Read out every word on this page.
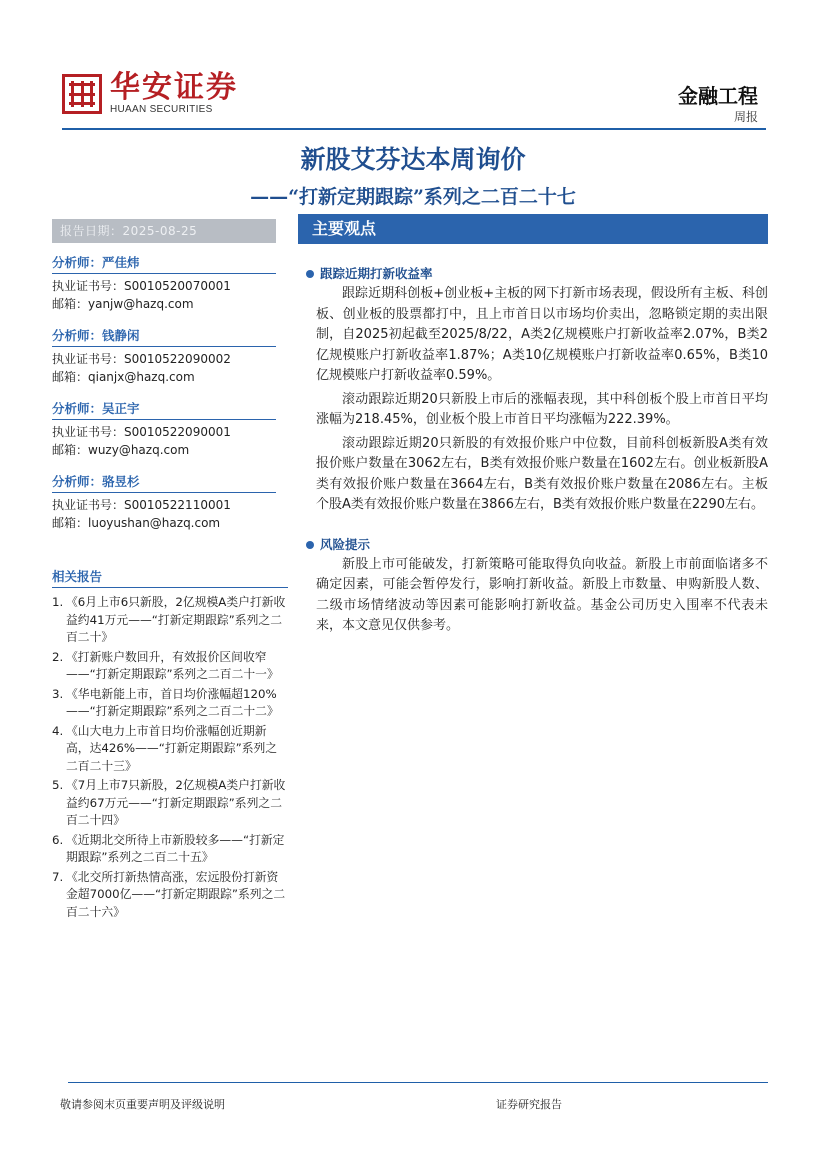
华安证券
HUAAN SECURITIES
金融工程
周报
新股艾芬达本周询价
——“打新定期跟踪”系列之二百二十七
报告日期：2025-08-25	主要观点
分析师：严佳炜
执业证书号：S0010520070001
邮箱：yanjw@hazq.com
分析师：钱静闲
执业证书号：S0010522090002
邮箱：qianjx@hazq.com
分析师：吴正宇
执业证书号：S0010522090001
邮箱：wuzy@hazq.com
分析师：骆昱杉
执业证书号：S0010522110001
邮箱：luoyushan@hazq.com
相关报告
1. 《6月上市6只新股，2亿规模A类户打新收益约41万元——“打新定期跟踪”系列之二百二十》
2. 《打新账户数回升，有效报价区间收窄——“打新定期跟踪”系列之二百二十一》
3. 《华电新能上市，首日均价涨幅超120%——“打新定期跟踪”系列之二百二十二》
4. 《山大电力上市首日均价涨幅创近期新高，达426%——“打新定期跟踪”系列之二百二十三》
5. 《7月上市7只新股，2亿规模A类户打新收益约67万元——“打新定期跟踪”系列之二百二十四》
6. 《近期北交所待上市新股较多——“打新定期跟踪”系列之二百二十五》
7. 《北交所打新热情高涨，宏远股份打新资金超7000亿——“打新定期跟踪”系列之二百二十六》
跟踪近期打新收益率

跟踪近期科创板+创业板+主板的网下打新市场表现，假设所有主板、科创板、创业板的股票都打中，且上市首日以市场均价卖出，忽略锁定期的卖出限制，自2025初起截至2025/8/22，A类2亿规模账户打新收益率2.07%，B类2亿规模账户打新收益率1.87%；A类10亿规模账户打新收益率0.65%，B类10亿规模账户打新收益率0.59%。

滚动跟踪近期20只新股上市后的涨幅表现，其中科创板个股上市首日平均涨幅为218.45%，创业板个股上市首日平均涨幅为222.39%。

滚动跟踪近期20只新股的有效报价账户中位数，目前科创板新股A类有效报价账户数量在3062左右，B类有效报价账户数量在1602左右。创业板新股A类有效报价账户数量在3664左右，B类有效报价账户数量在2086左右。主板个股A类有效报价账户数量在3866左右，B类有效报价账户数量在2290左右。

风险提示

新股上市可能破发，打新策略可能取得负向收益。新股上市前面临诸多不确定因素，可能会暂停发行，影响打新收益。新股上市数量、申购新股人数、二级市场情绪波动等因素可能影响打新收益。基金公司历史入围率不代表未来，本文意见仅供参考。

敬请参阅末页重要声明及评级说明	证券研究报告
